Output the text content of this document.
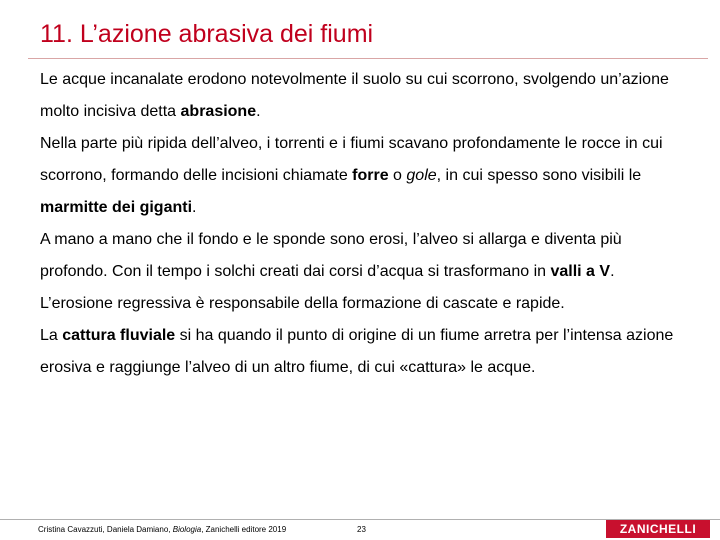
11. L’azione abrasiva dei fiumi

Le acque incanalate erodono notevolmente il suolo su cui scorrono, svolgendo un’azione molto incisiva detta abrasione.

Nella parte più ripida dell’alveo, i torrenti e i fiumi scavano profondamente le rocce in cui scorrono, formando delle incisioni chiamate forre o gole, in cui spesso sono visibili le marmitte dei giganti.

A mano a mano che il fondo e le sponde sono erosi, l’alveo si allarga e diventa più profondo. Con il tempo i solchi creati dai corsi d’acqua si trasformano in valli a V.

L’erosione regressiva è responsabile della formazione di cascate e rapide.

La cattura fluviale si ha quando il punto di origine di un fiume arretra per l’intensa azione erosiva e raggiunge l’alveo di un altro fiume, di cui «cattura» le acque.

Cristina Cavazzuti, Daniela Damiano, Biologia, Zanichelli editore 2019	23	ZANICHELLI
